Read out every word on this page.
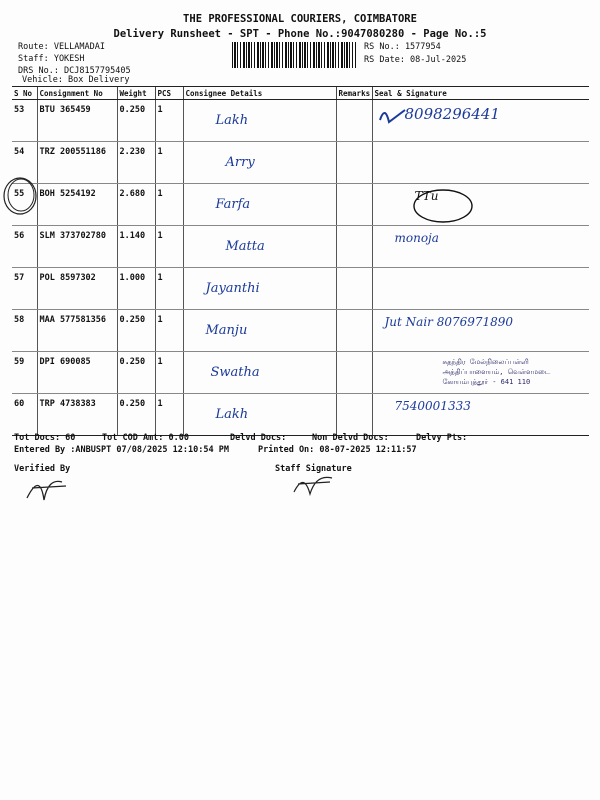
THE PROFESSIONAL COURIERS, COIMBATORE
Delivery Runsheet - SPT - Phone No.:9047080280 - Page No.:5
Route: VELLAMADAI
Staff: YOKESH
DRS No.: DCJ8157795405
Vehicle: Box Delivery
RS No.: 1577954
RS Date: 08-Jul-2025
S No	Consignment No	Weight	PCS	Consignee Details	Remarks	Seal & Signature
53	BTU 365459	0.250	1	Lakh		8098296441

54	TRZ 200551186	2.230	1	Arry		

55	BOH 5254192	2.680	1	Farfa		TTu

56	SLM 373702780	1.140	1	Matta		monoja

57	POL 8597302	1.000	1	Jayanthi		

58	MAA 577581356	0.250	1	Manju		Jut Nair 8076971890

59	DPI 690085	0.250	1	Swatha		சுதந்திர மேல்நிலைப்பள்ளி
அத்திப்பாளையம், வெள்ளமடை
கோயம்புத்தூர் - 641 110

60	TRP 4738383	0.250	1	Lakh		7540001333
Tot Docs: 60	Tot COD Amt: 0.00	Delvd Docs:	Non Delvd Docs:	Delvy Pts:
Entered By :ANBUSPT 07/08/2025 12:10:54 PM	Printed On: 08-07-2025 12:11:57
Verified By	Staff Signature
